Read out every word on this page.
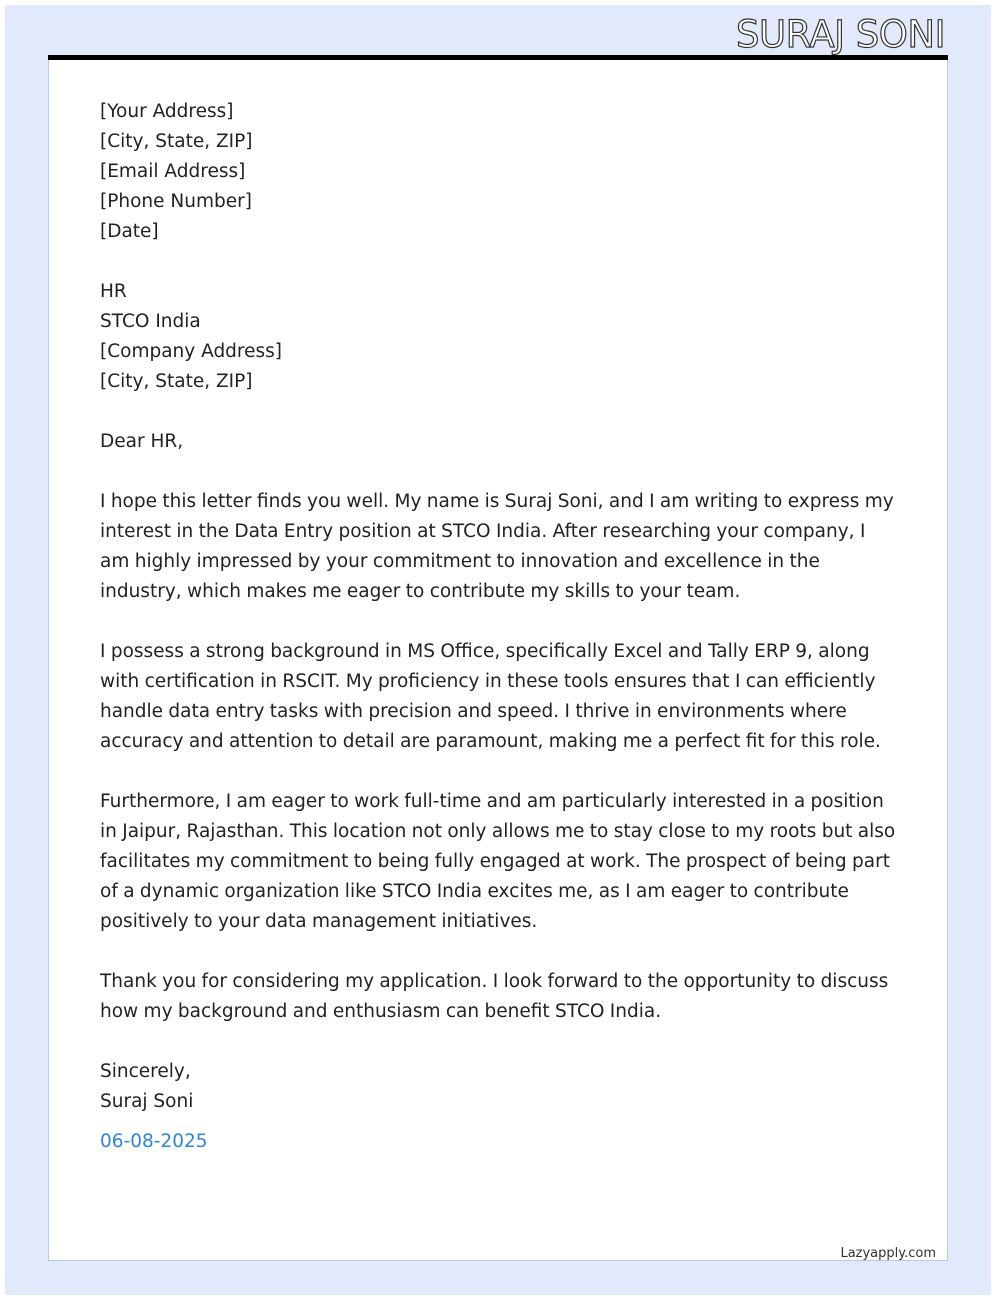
SURAJ SONI
[Your Address]
[City, State, ZIP]
[Email Address]
[Phone Number]
[Date]
HR
STCO India
[Company Address]
[City, State, ZIP]
Dear HR,
I hope this letter finds you well. My name is Suraj Soni, and I am writing to express my interest in the Data Entry position at STCO India. After researching your company, I am highly impressed by your commitment to innovation and excellence in the industry, which makes me eager to contribute my skills to your team.
I possess a strong background in MS Office, specifically Excel and Tally ERP 9, along with certification in RSCIT. My proficiency in these tools ensures that I can efficiently handle data entry tasks with precision and speed. I thrive in environments where accuracy and attention to detail are paramount, making me a perfect fit for this role.
Furthermore, I am eager to work full-time and am particularly interested in a position in Jaipur, Rajasthan. This location not only allows me to stay close to my roots but also facilitates my commitment to being fully engaged at work. The prospect of being part of a dynamic organization like STCO India excites me, as I am eager to contribute positively to your data management initiatives.
Thank you for considering my application. I look forward to the opportunity to discuss how my background and enthusiasm can benefit STCO India.
Sincerely,
Suraj Soni
06-08-2025
Lazyapply.com
